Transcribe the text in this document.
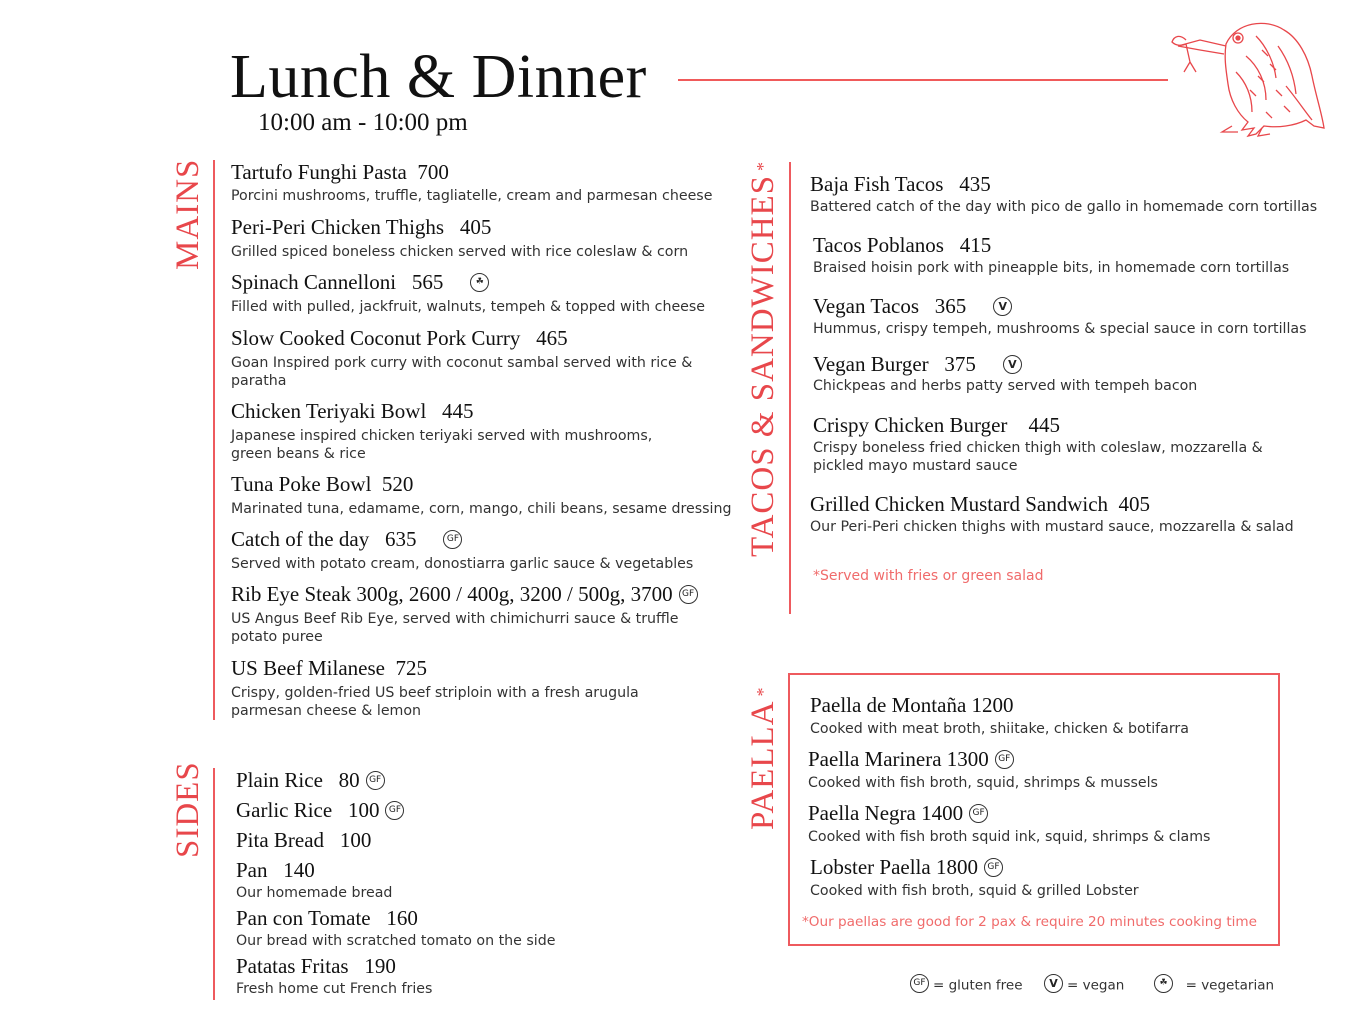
Lunch & Dinner
10:00 am - 10:00 pm
MAINS
SIDES
TACOS & SANDWICHES*
PAELLA*
Tartufo Funghi Pasta 700
Porcini mushrooms, truffle, tagliatelle, cream and parmesan cheese
Peri-Peri Chicken Thighs 405
Grilled spiced boneless chicken served with rice coleslaw & corn
Spinach Cannelloni 565	☘
Filled with pulled, jackfruit, walnuts, tempeh & topped with cheese
Slow Cooked Coconut Pork Curry 465
Goan Inspired pork curry with coconut sambal served with rice & paratha
Chicken Teriyaki Bowl 445
Japanese inspired chicken teriyaki served with mushrooms, green beans & rice
Tuna Poke Bowl 520
Marinated tuna, edamame, corn, mango, chili beans, sesame dressing
Catch of the day 635	GF
Served with potato cream, donostiarra garlic sauce & vegetables
Rib Eye Steak 300g, 2600 / 400g, 3200 / 500g, 3700 GF
US Angus Beef Rib Eye, served with chimichurri sauce & truffle potato puree
US Beef Milanese 725
Crispy, golden-fried US beef striploin with a fresh arugula parmesan cheese & lemon
Plain Rice 80 GF
Garlic Rice 100 GF
Pita Bread 100
Pan 140
Our homemade bread
Pan con Tomate 160
Our bread with scratched tomato on the side
Patatas Fritas 190
Fresh home cut French fries
Baja Fish Tacos 435
Battered catch of the day with pico de gallo in homemade corn tortillas
Tacos Poblanos 415
Braised hoisin pork with pineapple bits, in homemade corn tortillas
Vegan Tacos 365	V
Hummus, crispy tempeh, mushrooms & special sauce in corn tortillas
Vegan Burger 375	V
Chickpeas and herbs patty served with tempeh bacon
Crispy Chicken Burger 445
Crispy boneless fried chicken thigh with coleslaw, mozzarella & pickled mayo mustard sauce
Grilled Chicken Mustard Sandwich 405
Our Peri-Peri chicken thighs with mustard sauce, mozzarella & salad
*Served with fries or green salad
Paella de Montaña 1200
Cooked with meat broth, shiitake, chicken & botifarra
Paella Marinera 1300 GF
Cooked with fish broth, squid, shrimps & mussels
Paella Negra 1400 GF
Cooked with fish broth squid ink, squid, shrimps & clams
Lobster Paella 1800 GF
Cooked with fish broth, squid & grilled Lobster
*Our paellas are good for 2 pax & require 20 minutes cooking time
GF = gluten free	V = vegan	☘ = vegetarian
